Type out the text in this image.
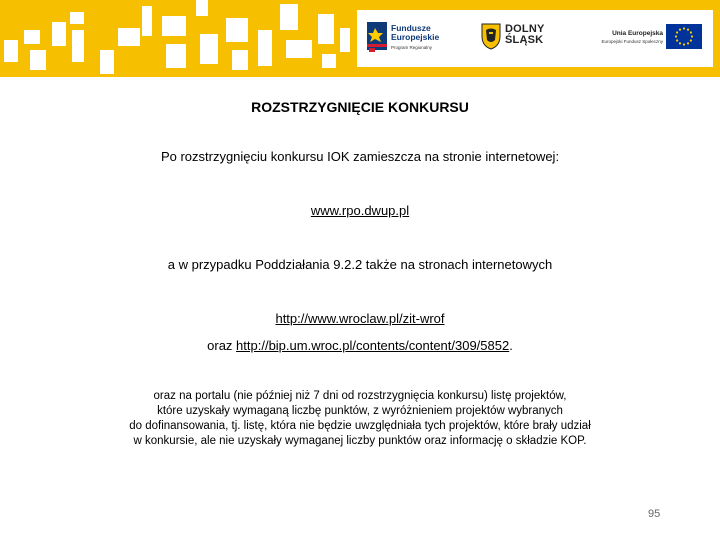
Fundusze
Europejskie
Program Regionalny
DOLNY
ŚLĄSK
Unia Europejska
Europejski Fundusz Społeczny
ROZSTRZYGNIĘCIE KONKURSU
Po rozstrzygnięciu konkursu IOK zamieszcza na stronie internetowej:
www.rpo.dwup.pl
a w przypadku Poddziałania 9.2.2 także na stronach internetowych
http://www.wroclaw.pl/zit-wrof
oraz http://bip.um.wroc.pl/contents/content/309/5852.
oraz na portalu (nie później niż 7 dni od rozstrzygnięcia konkursu) listę projektów,
które uzyskały wymaganą liczbę punktów, z wyróżnieniem projektów wybranych
do dofinansowania, tj. listę, która nie będzie uwzględniała tych projektów, które brały udział
w konkursie, ale nie uzyskały wymaganej liczby punktów oraz informację o składzie KOP.
95
